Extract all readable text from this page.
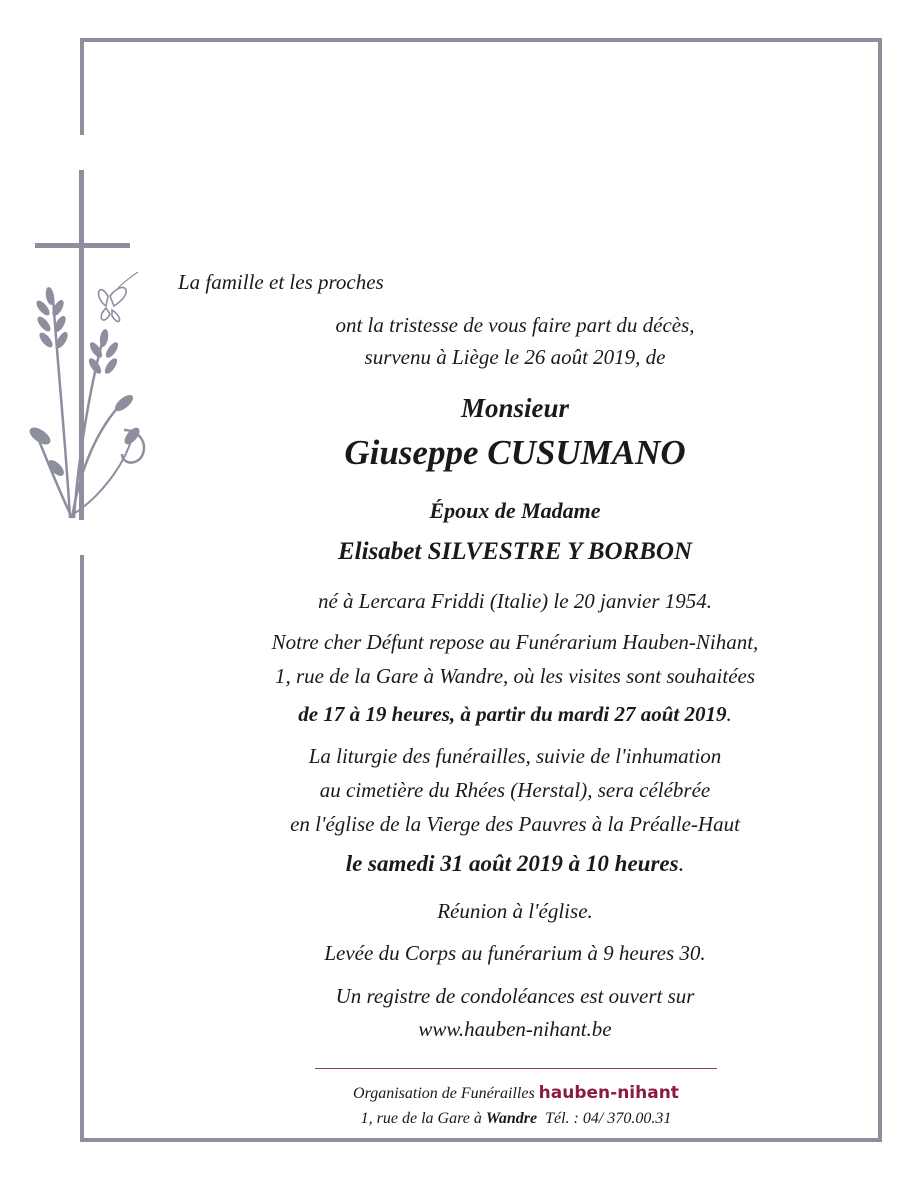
La famille et les proches
ont la tristesse de vous faire part du décès,
survenu à Liège le 26 août 2019, de
Monsieur
Giuseppe CUSUMANO
Époux de Madame
Elisabet SILVESTRE Y BORBON
né à Lercara Friddi (Italie) le 20 janvier 1954.
Notre cher Défunt repose au Funérarium Hauben-Nihant,
1, rue de la Gare à Wandre, où les visites sont souhaitées
de 17 à 19 heures, à partir du mardi 27 août 2019.
La liturgie des funérailles, suivie de l'inhumation
au cimetière du Rhées (Herstal), sera célébrée
en l'église de la Vierge des Pauvres à la Préalle-Haut
le samedi 31 août 2019 à 10 heures.
Réunion à l'église.
Levée du Corps au funérarium à 9 heures 30.
Un registre de condoléances est ouvert sur
www.hauben-nihant.be
Organisation de Funérailles hauben-nihant
1, rue de la Gare à Wandre Tél. : 04/ 370.00.31
